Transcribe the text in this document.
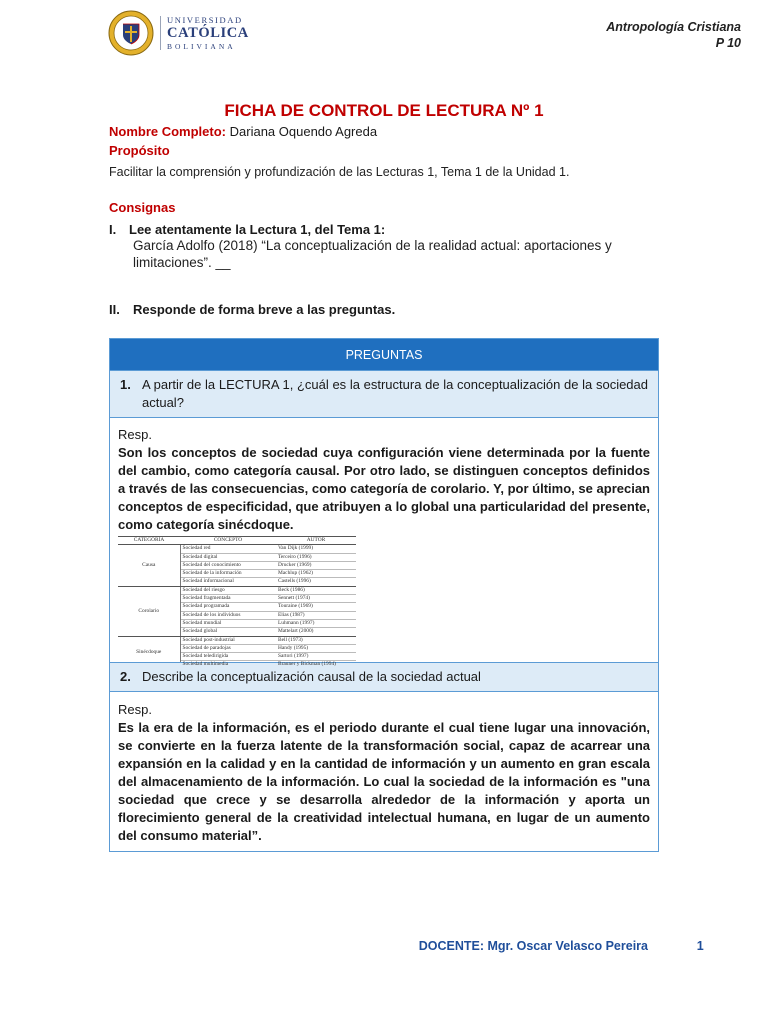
UNIVERSIDAD
CATÓLICA
BOLIVIANA
Antropología Cristiana
P 10
FICHA DE CONTROL DE LECTURA Nº 1
Nombre Completo: Dariana Oquendo Agreda
Propósito
Facilitar la comprensión y profundización de las Lecturas 1, Tema 1 de la Unidad 1.
Consignas
I. Lee atentamente la Lectura 1, del Tema 1:
García Adolfo (2018) “La conceptualización de la realidad actual: aportaciones y limitaciones”. __
II. Responde de forma breve a las preguntas.
PREGUNTAS
1. A partir de la LECTURA 1, ¿cuál es la estructura de la conceptualización de la sociedad actual?
Resp.
Son los conceptos de sociedad cuya configuración viene determinada por la fuente del cambio, como categoría causal. Por otro lado, se distinguen conceptos definidos a través de las consecuencias, como categoría de corolario. Y, por último, se aprecian conceptos de especificidad, que atribuyen a lo global una particularidad del presente, como categoría sinécdoque.
CATEGORÍA	CONCEPTO	AUTOR
Causa	Sociedad red	Van Dijk (1999)
	Sociedad digital	Terceiro (1996)
	Sociedad del conocimiento	Drucker (1969)
	Sociedad de la información	Machlup (1962)
	Sociedad informacional	Castells (1996)
Corolario	Sociedad del riesgo	Beck (1986)
	Sociedad fragmentada	Sennett (1974)
	Sociedad programada	Touraine (1969)
	Sociedad de los individuos	Elias (1987)
	Sociedad mundial	Luhmann (1997)
	Sociedad global	Mattelart (2000)
Sinécdoque	Sociedad post-industrial	Bell (1973)
	Sociedad de paradojas	Handy (1995)
	Sociedad teledirigida	Sartori (1997)
	Sociedad multimedia	Brauner y Bickman (1994)
2. Describe la conceptualización causal de la sociedad actual
Resp.
Es la era de la información, es el periodo durante el cual tiene lugar una innovación, se convierte en la fuerza latente de la transformación social, capaz de acarrear una expansión en la calidad y en la cantidad de información y un aumento en gran escala del almacenamiento de la información. Lo cual la sociedad de la información es "una sociedad que crece y se desarrolla alrededor de la información y aporta un florecimiento general de la creatividad intelectual humana, en lugar de un aumento del consumo material”.
DOCENTE: Mgr. Oscar Velasco Pereira	1
